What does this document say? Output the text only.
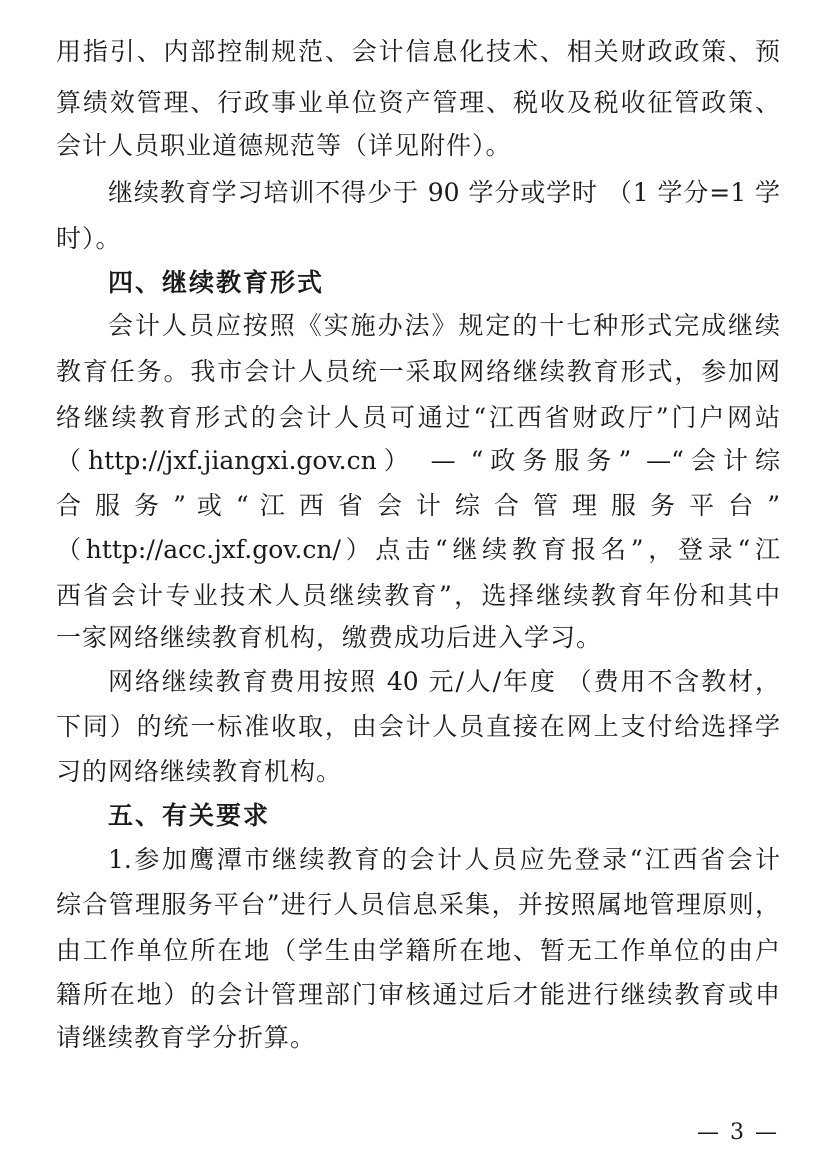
用指引、内部控制规范、会计信息化技术、相关财政政策、预
算绩效管理、行政事业单位资产管理、税收及税收征管政策、
会计人员职业道德规范等（详见附件）。
继续教育学习培训不得少于 90 学分或学时 （1 学分=1 学
时）。
四、继续教育形式
会计人员应按照《实施办法》规定的十七种形式完成继续
教育任务。我市会计人员统一采取网络继续教育形式，参加网
络继续教育形式的会计人员可通过“江西省财政厅”门户网站
（http://jxf.jiangxi.gov.cn） — “政务服务” —“会计综
合 服 务 ” 或 “ 江 西 省 会 计 综 合 管 理 服 务 平 台 ”
（http://acc.jxf.gov.cn/）点击“继续教育报名”，登录“江
西省会计专业技术人员继续教育”，选择继续教育年份和其中
一家网络继续教育机构，缴费成功后进入学习。
网络继续教育费用按照 40 元/人/年度 （费用不含教材，
下同）的统一标准收取，由会计人员直接在网上支付给选择学
习的网络继续教育机构。
五、有关要求
1.参加鹰潭市继续教育的会计人员应先登录“江西省会计
综合管理服务平台”进行人员信息采集，并按照属地管理原则，
由工作单位所在地（学生由学籍所在地、暂无工作单位的由户
籍所在地）的会计管理部门审核通过后才能进行继续教育或申
请继续教育学分折算。
— 3 —
